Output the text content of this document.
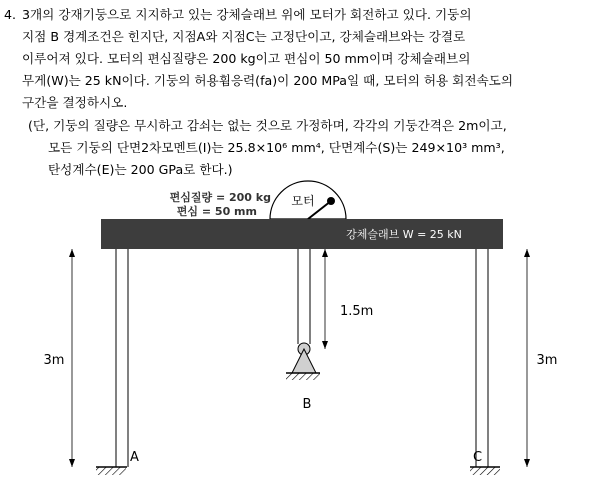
4. 3개의 강재기둥으로 지지하고 있는 강체슬래브 위에 모터가 회전하고 있다. 기둥의
지점 B 경계조건은 힌지단, 지점A와 지점C는 고정단이고, 강체슬래브와는 강결로
이루어져 있다. 모터의 편심질량은 200 kg이고 편심이 50 mm이며 강체슬래브의
무게(W)는 25 kN이다. 기둥의 허용휨응력(fa)이 200 MPa일 때, 모터의 허용 회전속도의
구간을 결정하시오.
(단, 기둥의 질량은 무시하고 감쇠는 없는 것으로 가정하며, 각각의 기둥간격은 2m이고,
모든 기둥의 단면2차모멘트(I)는 25.8×10⁶ mm⁴, 단면계수(S)는 249×10³ mm³,
탄성계수(E)는 200 GPa로 한다.)
모터
편심질량 = 200 kg
편심 = 50 mm
강체슬래브 W = 25 kN
A	C
B
3m	3m
1.5m
